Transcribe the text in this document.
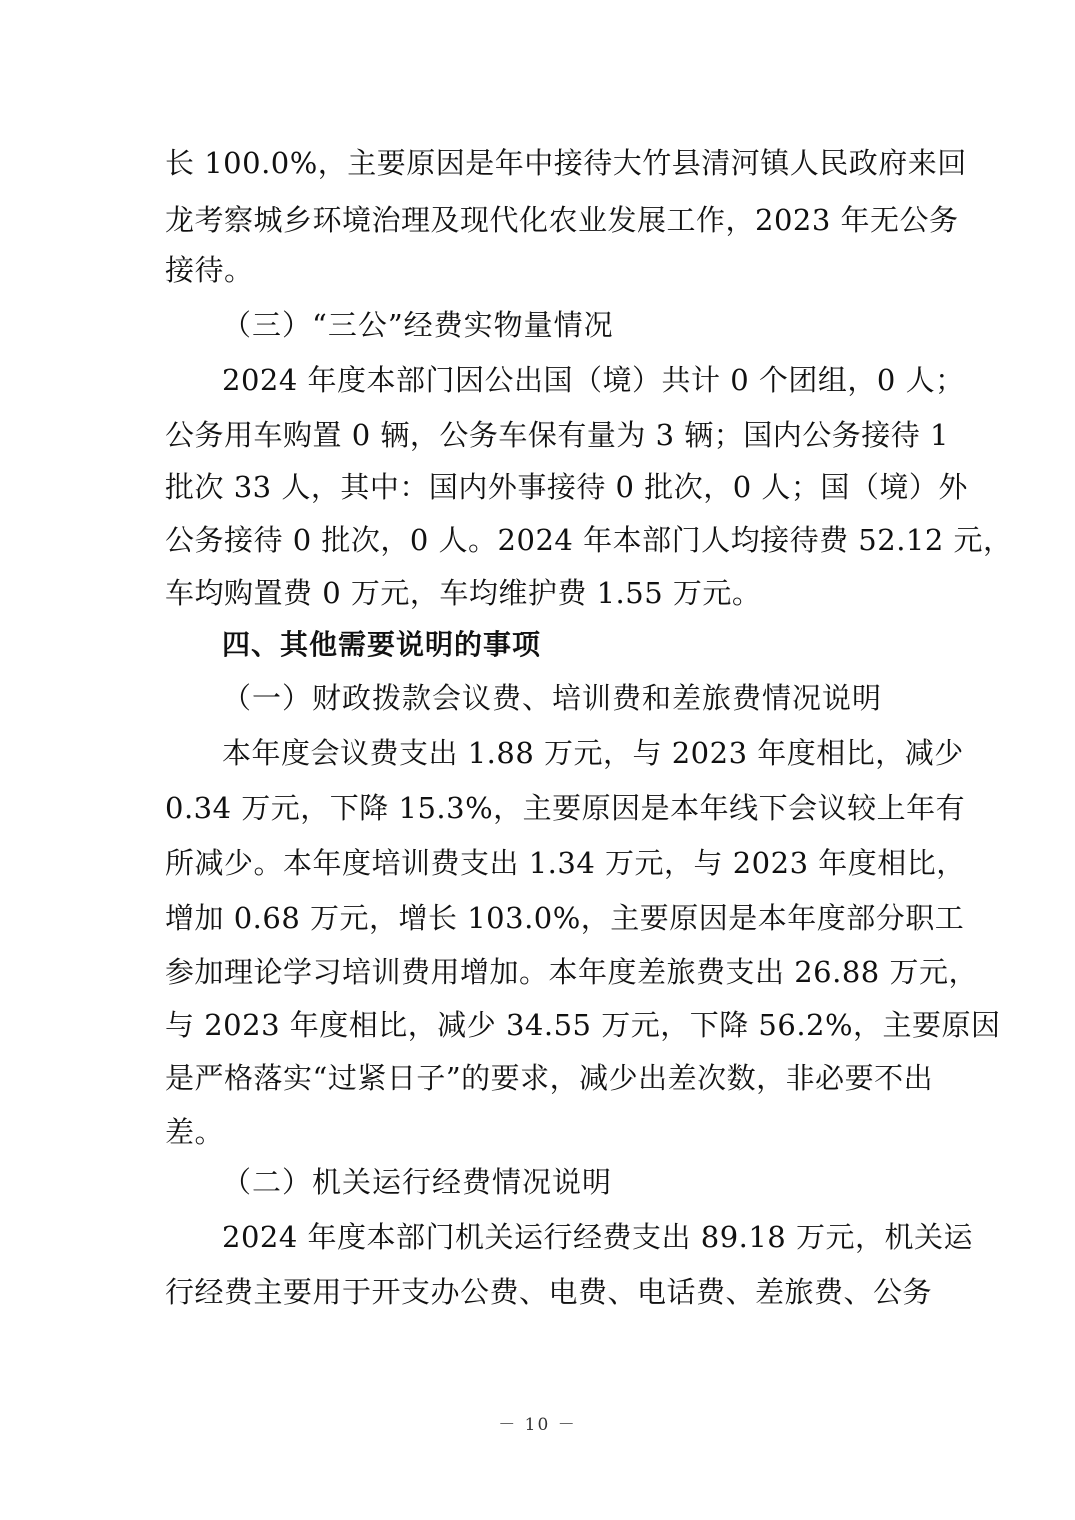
长 100.0%，主要原因是年中接待大竹县清河镇人民政府来回
龙考察城乡环境治理及现代化农业发展工作，2023 年无公务
接待。
（三）“三公”经费实物量情况
2024 年度本部门因公出国（境）共计 0 个团组，0 人；
公务用车购置 0 辆，公务车保有量为 3 辆；国内公务接待 1
批次 33 人，其中：国内外事接待 0 批次，0 人；国（境）外
公务接待 0 批次，0 人。2024 年本部门人均接待费 52.12 元，
车均购置费 0 万元，车均维护费 1.55 万元。
四、其他需要说明的事项
（一）财政拨款会议费、培训费和差旅费情况说明
本年度会议费支出 1.88 万元，与 2023 年度相比，减少
0.34 万元，下降 15.3%，主要原因是本年线下会议较上年有
所减少。本年度培训费支出 1.34 万元，与 2023 年度相比，
增加 0.68 万元，增长 103.0%，主要原因是本年度部分职工
参加理论学习培训费用增加。本年度差旅费支出 26.88 万元，
与 2023 年度相比，减少 34.55 万元，下降 56.2%，主要原因
是严格落实“过紧日子”的要求，减少出差次数，非必要不出
差。
（二）机关运行经费情况说明
2024 年度本部门机关运行经费支出 89.18 万元，机关运
行经费主要用于开支办公费、电费、电话费、差旅费、公务
－ 10 －
